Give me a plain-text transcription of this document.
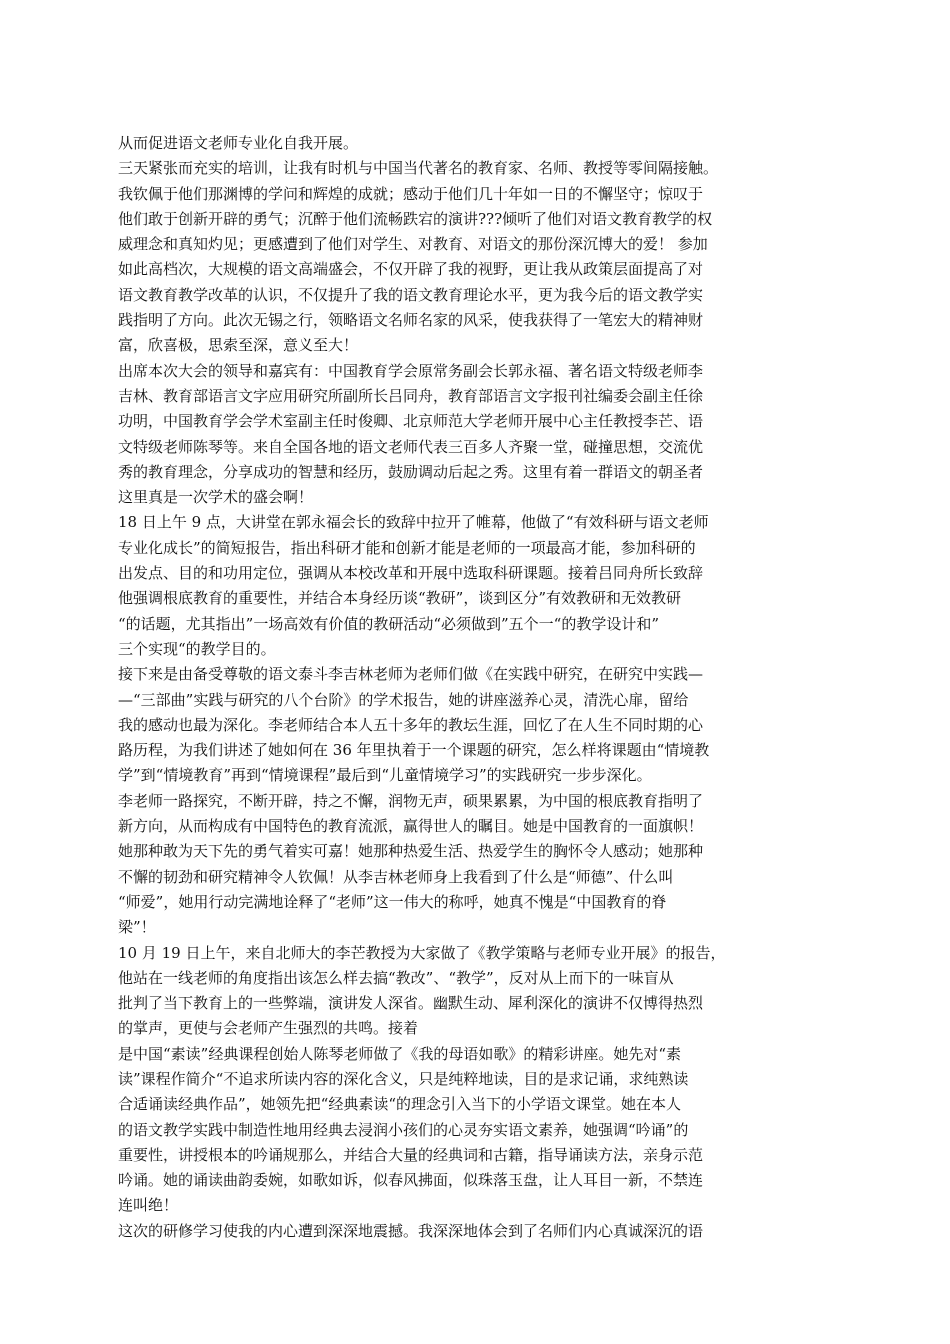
从而促进语文老师专业化自我开展。
三天紧张而充实的培训，让我有时机与中国当代著名的教育家、名师、教授等零间隔接触。
我钦佩于他们那渊博的学问和辉煌的成就；感动于他们几十年如一日的不懈坚守；惊叹于
他们敢于创新开辟的勇气；沉醉于他们流畅跌宕的演讲???倾听了他们对语文教育教学的权
威理念和真知灼见；更感遭到了他们对学生、对教育、对语文的那份深沉博大的爱！ 参加
如此高档次，大规模的语文高端盛会，不仅开辟了我的视野，更让我从政策层面提高了对
语文教育教学改革的认识，不仅提升了我的语文教育理论水平，更为我今后的语文教学实
践指明了方向。此次无锡之行，领略语文名师名家的风采，使我获得了一笔宏大的精神财
富，欣喜极，思索至深，意义至大！
出席本次大会的领导和嘉宾有：中国教育学会原常务副会长郭永福、著名语文特级老师李
吉林、教育部语言文字应用研究所副所长吕同舟，教育部语言文字报刊社编委会副主任徐
功明，中国教育学会学术室副主任时俊卿、北京师范大学老师开展中心主任教授李芒、语
文特级老师陈琴等。来自全国各地的语文老师代表三百多人齐聚一堂，碰撞思想，交流优
秀的教育理念，分享成功的智慧和经历，鼓励调动后起之秀。这里有着一群语文的朝圣者
这里真是一次学术的盛会啊！
18 日上午 9 点，大讲堂在郭永福会长的致辞中拉开了帷幕，他做了“有效科研与语文老师
专业化成长”的简短报告，指出科研才能和创新才能是老师的一项最高才能，参加科研的
出发点、目的和功用定位，强调从本校改革和开展中选取科研课题。接着吕同舟所长致辞
他强调根底教育的重要性，并结合本身经历谈“教研”，谈到区分”有效教研和无效教研
“的话题，尤其指出”一场高效有价值的教研活动“必须做到”五个一“的教学设计和”
三个实现“的教学目的。
接下来是由备受尊敬的语文泰斗李吉林老师为老师们做《在实践中研究，在研究中实践—
—“三部曲”实践与研究的八个台阶》的学术报告，她的讲座滋养心灵，清洗心扉，留给
我的感动也最为深化。李老师结合本人五十多年的教坛生涯，回忆了在人生不同时期的心
路历程，为我们讲述了她如何在 36 年里执着于一个课题的研究，怎么样将课题由“情境教
学”到“情境教育”再到“情境课程”最后到“儿童情境学习”的实践研究一步步深化。
李老师一路探究，不断开辟，持之不懈，润物无声，硕果累累，为中国的根底教育指明了
新方向，从而构成有中国特色的教育流派，赢得世人的瞩目。她是中国教育的一面旗帜！
她那种敢为天下先的勇气着实可嘉！她那种热爱生活、热爱学生的胸怀令人感动；她那种
不懈的韧劲和研究精神令人钦佩！从李吉林老师身上我看到了什么是“师德”、什么叫
“师爱”，她用行动完满地诠释了“老师”这一伟大的称呼，她真不愧是“中国教育的脊
梁”！
10 月 19 日上午，来自北师大的李芒教授为大家做了《教学策略与老师专业开展》的报告，
他站在一线老师的角度指出该怎么样去搞“教改”、“教学”，反对从上而下的一味盲从
批判了当下教育上的一些弊端，演讲发人深省。幽默生动、犀利深化的演讲不仅博得热烈
的掌声，更使与会老师产生强烈的共鸣。接着
是中国“素读”经典课程创始人陈琴老师做了《我的母语如歌》的精彩讲座。她先对“素
读”课程作简介“不追求所读内容的深化含义，只是纯粹地读，目的是求记诵，求纯熟读
合适诵读经典作品”，她领先把“经典素读“的理念引入当下的小学语文课堂。她在本人
的语文教学实践中制造性地用经典去浸润小孩们的心灵夯实语文素养，她强调“吟诵”的
重要性，讲授根本的吟诵规那么，并结合大量的经典词和古籍，指导诵读方法，亲身示范
吟诵。她的诵读曲韵委婉，如歌如诉，似春风拂面，似珠落玉盘，让人耳目一新，不禁连
连叫绝！
这次的研修学习使我的内心遭到深深地震撼。我深深地体会到了名师们内心真诚深沉的语
